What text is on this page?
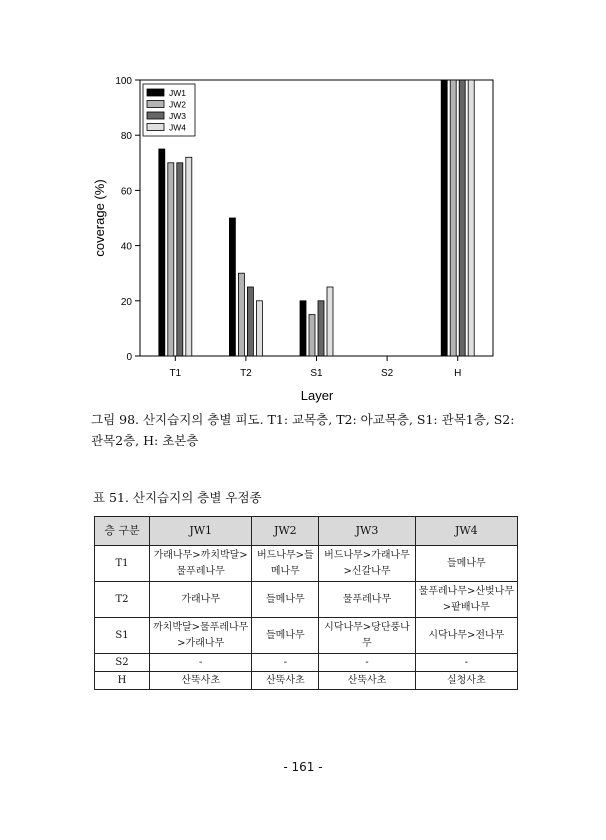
0
20
40
60
80
100
T1	T2	S1	S2	H
JW1
JW2
JW3
JW4
coverage (%)
Layer

그림 98. 산지습지의 층별 피도. T1: 교목층, T2: 아교목층, S1: 관목1층, S2: 관목2층, H: 초본층

표 51. 산지습지의 층별 우점종

층 구분	JW1	JW2	JW3	JW4
T1	가래나무>까치박달>물푸레나무	버드나무>들메나무	버드나무>가래나무>신갈나무	들메나무
T2	가래나무	들메나무	물푸레나무	물푸레나무>산벚나무>팥배나무
S1	까치박달>물푸레나무>가래나무	들메나무	시닥나무>당단풍나무	시닥나무>전나무
S2	-	-	-	-
H	산뚝사초	산뚝사초	산뚝사초	실청사초

- 161 -
